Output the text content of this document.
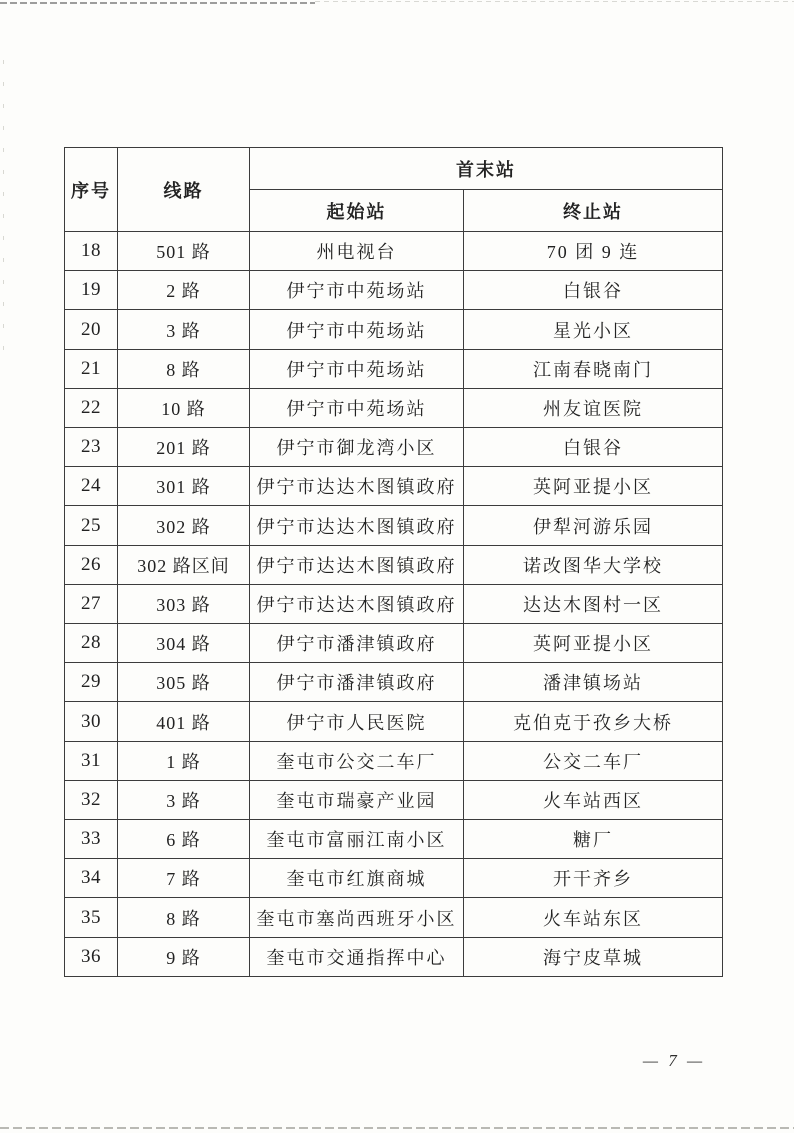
序号	线路	首末站	
		起始站	终止站
18	501 路	州电视台	70 团 9 连
19	2 路	伊宁市中苑场站	白银谷
20	3 路	伊宁市中苑场站	星光小区
21	8 路	伊宁市中苑场站	江南春晓南门
22	10 路	伊宁市中苑场站	州友谊医院
23	201 路	伊宁市御龙湾小区	白银谷
24	301 路	伊宁市达达木图镇政府	英阿亚提小区
25	302 路	伊宁市达达木图镇政府	伊犁河游乐园
26	302 路区间	伊宁市达达木图镇政府	诺改图华大学校
27	303 路	伊宁市达达木图镇政府	达达木图村一区
28	304 路	伊宁市潘津镇政府	英阿亚提小区
29	305 路	伊宁市潘津镇政府	潘津镇场站
30	401 路	伊宁市人民医院	克伯克于孜乡大桥
31	1 路	奎屯市公交二车厂	公交二车厂
32	3 路	奎屯市瑞豪产业园	火车站西区
33	6 路	奎屯市富丽江南小区	糖厂
34	7 路	奎屯市红旗商城	开干齐乡
35	8 路	奎屯市塞尚西班牙小区	火车站东区
36	9 路	奎屯市交通指挥中心	海宁皮草城
— 7 —
